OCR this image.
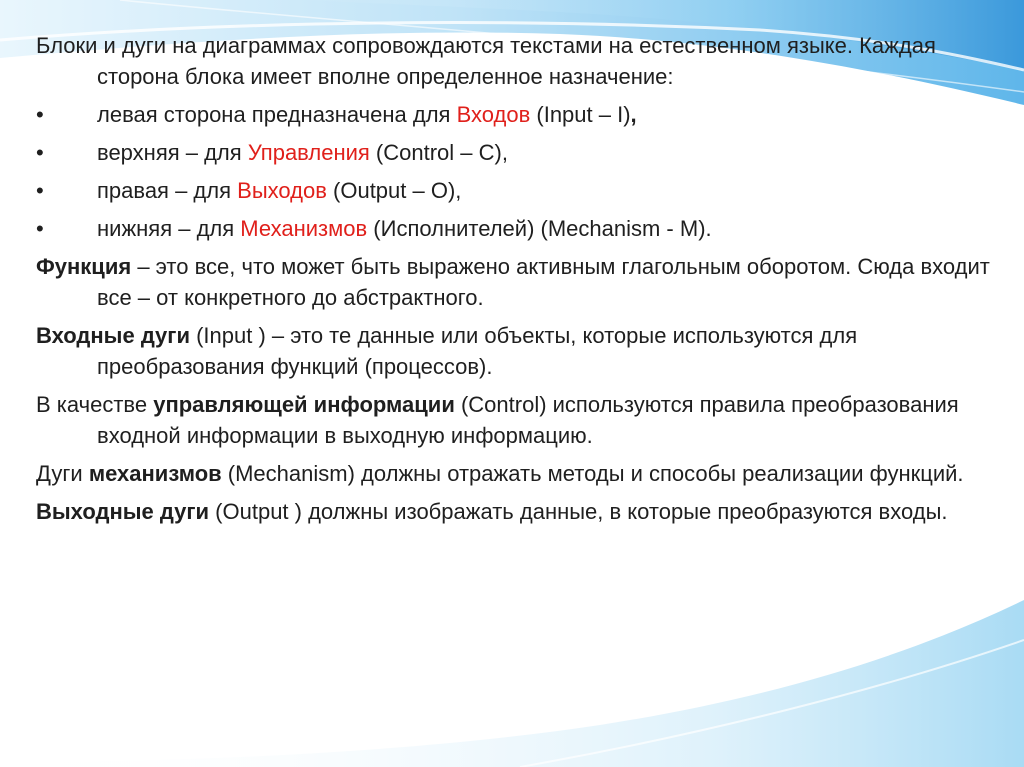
Блоки и дуги на диаграммах сопровождаются текстами на естественном языке. Каждая сторона блока имеет вполне определенное назначение:

•	левая сторона предназначена для Входов (Input – I),
•	верхняя – для Управления (Control – C),
•	правая – для Выходов (Output – O),
•	нижняя – для Механизмов (Исполнителей) (Mechanism - M).

Функция – это все, что может быть выражено активным глагольным оборотом. Сюда входит все – от конкретного до абстрактного.

Входные дуги (Input ) – это те данные или объекты, которые используются для преобразования функций (процессов).

В качестве управляющей информации (Control) используются правила преобразования входной информации в выходную информацию.

Дуги механизмов (Mechanism) должны отражать методы и способы реализации функций.

Выходные дуги (Output ) должны изображать данные, в которые преобразуются входы.
